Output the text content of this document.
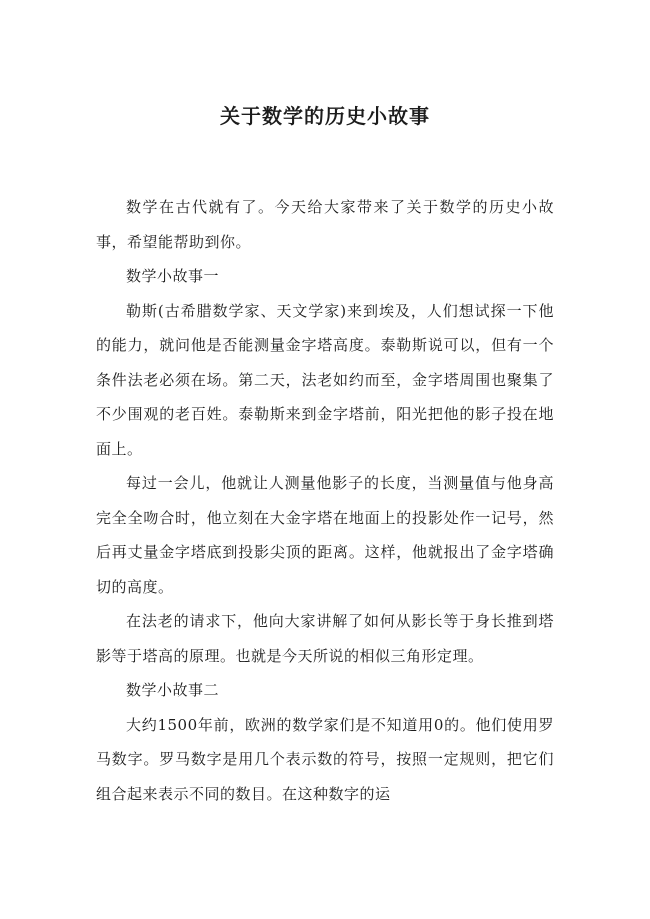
关于数学的历史小故事

数学在古代就有了。今天给大家带来了关于数学的历史小故事，希望能帮助到你。

数学小故事一

勒斯(古希腊数学家、天文学家)来到埃及，人们想试探一下他的能力，就问他是否能测量金字塔高度。泰勒斯说可以，但有一个条件法老必须在场。第二天，法老如约而至，金字塔周围也聚集了不少围观的老百姓。泰勒斯来到金字塔前，阳光把他的影子投在地面上。

每过一会儿，他就让人测量他影子的长度，当测量值与他身高完全全吻合时，他立刻在大金字塔在地面上的投影处作一记号，然后再丈量金字塔底到投影尖顶的距离。这样，他就报出了金字塔确切的高度。

在法老的请求下，他向大家讲解了如何从影长等于身长推到塔影等于塔高的原理。也就是今天所说的相似三角形定理。

数学小故事二

大约1500年前，欧洲的数学家们是不知道用0的。他们使用罗马数字。罗马数字是用几个表示数的符号，按照一定规则，把它们组合起来表示不同的数目。在这种数字的运
